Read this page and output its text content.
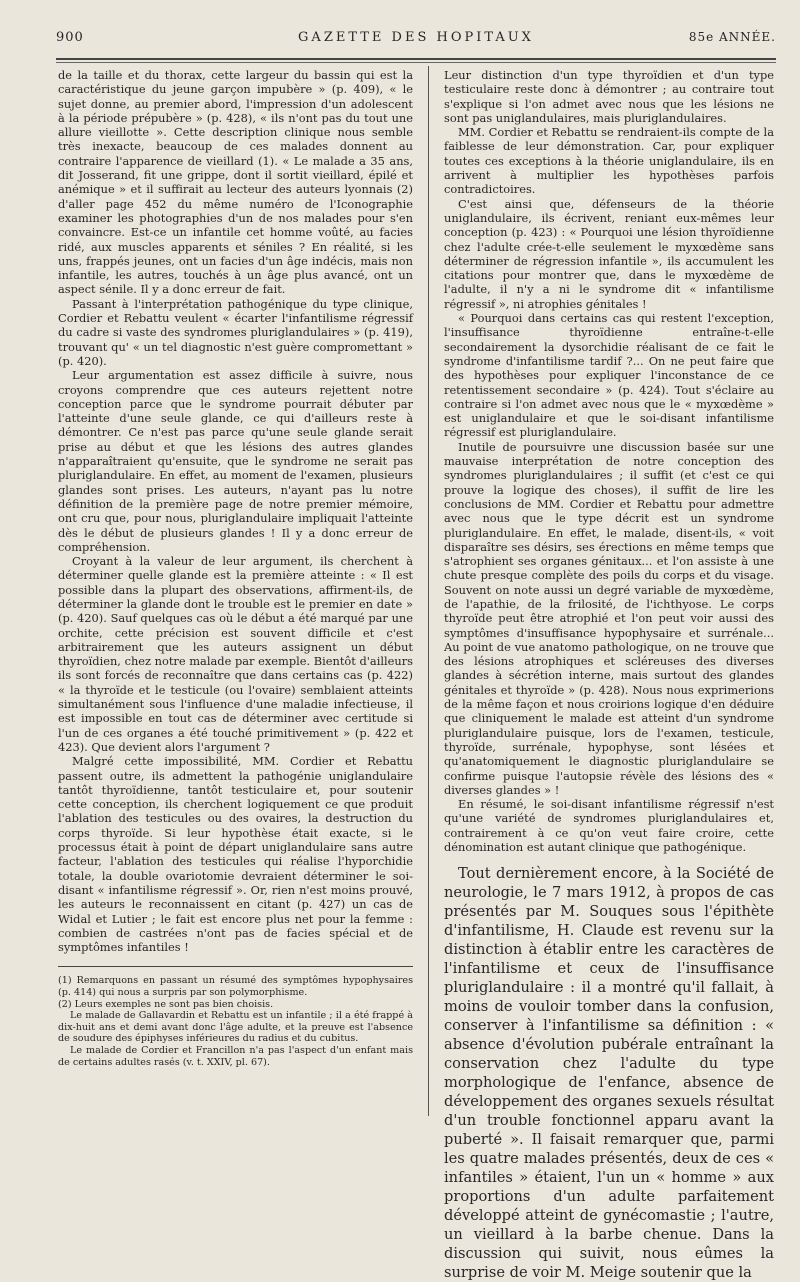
900	GAZETTE DES HOPITAUX	85e ANNÉE.

de la taille et du thorax, cette largeur du bassin qui est la caractéristique du jeune garçon impubère » (p. 409), « le sujet donne, au premier abord, l'impression d'un adolescent à la période prépubère » (p. 428), « ils n'ont pas du tout une allure vieillotte ». Cette description clinique nous semble très inexacte, beaucoup de ces malades donnent au contraire l'apparence de vieillard (1). « Le malade a 35 ans, dit Josserand, fit une grippe, dont il sortit vieillard, épilé et anémique » et il suffirait au lecteur des auteurs lyonnais (2) d'aller page 452 du même numéro de l'Iconographie examiner les photographies d'un de nos malades pour s'en convaincre. Est-ce un infantile cet homme voûté, au facies ridé, aux muscles apparents et séniles ? En réalité, si les uns, frappés jeunes, ont un facies d'un âge indécis, mais non infantile, les autres, touchés à un âge plus avancé, ont un aspect sénile. Il y a donc erreur de fait.

Passant à l'interprétation pathogénique du type clinique, Cordier et Rebattu veulent « écarter l'infantilisme régressif du cadre si vaste des syndromes pluriglandulaires » (p. 419), trouvant qu' « un tel diagnostic n'est guère compromettant » (p. 420).

Leur argumentation est assez difficile à suivre, nous croyons comprendre que ces auteurs rejettent notre conception parce que le syndrome pourrait débuter par l'atteinte d'une seule glande, ce qui d'ailleurs reste à démontrer. Ce n'est pas parce qu'une seule glande serait prise au début et que les lésions des autres glandes n'apparaîtraient qu'ensuite, que le syndrome ne serait pas pluriglandulaire. En effet, au moment de l'examen, plusieurs glandes sont prises. Les auteurs, n'ayant pas lu notre définition de la première page de notre premier mémoire, ont cru que, pour nous, pluriglandulaire impliquait l'atteinte dès le début de plusieurs glandes ! Il y a donc erreur de compréhension.

Croyant à la valeur de leur argument, ils cherchent à déterminer quelle glande est la première atteinte : « Il est possible dans la plupart des observations, affirment-ils, de déterminer la glande dont le trouble est le premier en date » (p. 420). Sauf quelques cas où le début a été marqué par une orchite, cette précision est souvent difficile et c'est arbitrairement que les auteurs assignent un début thyroïdien, chez notre malade par exemple. Bientôt d'ailleurs ils sont forcés de reconnaître que dans certains cas (p. 422) « la thyroïde et le testicule (ou l'ovaire) semblaient atteints simultanément sous l'influence d'une maladie infectieuse, il est impossible en tout cas de déterminer avec certitude si l'un de ces organes a été touché primitivement » (p. 422 et 423). Que devient alors l'argument ?

Malgré cette impossibilité, MM. Cordier et Rebattu passent outre, ils admettent la pathogénie uniglandulaire tantôt thyroïdienne, tantôt testiculaire et, pour soutenir cette conception, ils cherchent logiquement ce que produit l'ablation des testicules ou des ovaires, la destruction du corps thyroïde. Si leur hypothèse était exacte, si le processus était à point de départ uniglandulaire sans autre facteur, l'ablation des testicules qui réalise l'hyporchidie totale, la double ovariotomie devraient déterminer le soi-disant « infantilisme régressif ». Or, rien n'est moins prouvé, les auteurs le reconnaissent en citant (p. 427) un cas de Widal et Lutier ; le fait est encore plus net pour la femme : combien de castrées n'ont pas de facies spécial et de symptômes infantiles !

(1) Remarquons en passant un résumé des symptômes hypophysaires (p. 414) qui nous a surpris par son polymorphisme.

(2) Leurs exemples ne sont pas bien choisis.

Le malade de Gallavardin et Rebattu est un infantile ; il a été frappé à dix-huit ans et demi avant donc l'âge adulte, et la preuve est l'absence de soudure des épiphyses inférieures du radius et du cubitus.

Le malade de Cordier et Francillon n'a pas l'aspect d'un enfant mais de certains adultes rasés (v. t. XXIV, pl. 67).

Leur distinction d'un type thyroïdien et d'un type testiculaire reste donc à démontrer ; au contraire tout s'explique si l'on admet avec nous que les lésions ne sont pas uniglandulaires, mais pluriglandulaires.

MM. Cordier et Rebattu se rendraient-ils compte de la faiblesse de leur démonstration. Car, pour expliquer toutes ces exceptions à la théorie uniglandulaire, ils en arrivent à multiplier les hypothèses parfois contradictoires.

C'est ainsi que, défenseurs de la théorie uniglandulaire, ils écrivent, reniant eux-mêmes leur conception (p. 423) : « Pourquoi une lésion thyroïdienne chez l'adulte crée-t-elle seulement le myxœdème sans déterminer de régression infantile », ils accumulent les citations pour montrer que, dans le myxœdème de l'adulte, il n'y a ni le syndrome dit « infantilisme régressif », ni atrophies génitales !

« Pourquoi dans certains cas qui restent l'exception, l'insuffisance thyroïdienne entraîne-t-elle secondairement la dysorchidie réalisant de ce fait le syndrome d'infantilisme tardif ?... On ne peut faire que des hypothèses pour expliquer l'inconstance de ce retentissement secondaire » (p. 424). Tout s'éclaire au contraire si l'on admet avec nous que le « myxœdème » est uniglandulaire et que le soi-disant infantilisme régressif est pluriglandulaire.

Inutile de poursuivre une discussion basée sur une mauvaise interprétation de notre conception des syndromes pluriglandulaires ; il suffit (et c'est ce qui prouve la logique des choses), il suffit de lire les conclusions de MM. Cordier et Rebattu pour admettre avec nous que le type décrit est un syndrome pluriglandulaire. En effet, le malade, disent-ils, « voit disparaître ses désirs, ses érections en même temps que s'atrophient ses organes génitaux... et l'on assiste à une chute presque complète des poils du corps et du visage. Souvent on note aussi un degré variable de myxœdème, de l'apathie, de la frilosité, de l'ichthyose. Le corps thyroïde peut être atrophié et l'on peut voir aussi des symptômes d'insuffisance hypophysaire et surrénale... Au point de vue anatomo pathologique, on ne trouve que des lésions atrophiques et scléreuses des diverses glandes à sécrétion interne, mais surtout des glandes génitales et thyroïde » (p. 428). Nous nous exprimerions de la même façon et nous croirions logique d'en déduire que cliniquement le malade est atteint d'un syndrome pluriglandulaire puisque, lors de l'examen, testicule, thyroïde, surrénale, hypophyse, sont lésées et qu'anatomiquement le diagnostic pluriglandulaire se confirme puisque l'autopsie révèle des lésions des « diverses glandes » !

En résumé, le soi-disant infantilisme régressif n'est qu'une variété de syndromes pluriglandulaires et, contrairement à ce qu'on veut faire croire, cette dénomination est autant clinique que pathogénique.

Tout dernièrement encore, à la Société de neurologie, le 7 mars 1912, à propos de cas présentés par M. Souques sous l'épithète d'infantilisme, H. Claude est revenu sur la distinction à établir entre les caractères de l'infantilisme et ceux de l'insuffisance pluriglandulaire : il a montré qu'il fallait, à moins de vouloir tomber dans la confusion, conserver à l'infantilisme sa définition : « absence d'évolution pubérale entraînant la conservation chez l'adulte du type morphologique de l'enfance, absence de développement des organes sexuels résultat d'un trouble fonctionnel apparu avant la puberté ». Il faisait remarquer que, parmi les quatre malades présentés, deux de ces « infantiles » étaient, l'un un « homme » aux proportions d'un adulte parfaitement développé atteint de gynécomastie ; l'autre, un vieillard à la barbe chenue. Dans la discussion qui suivit, nous eûmes la surprise de voir M. Meige soutenir que la
